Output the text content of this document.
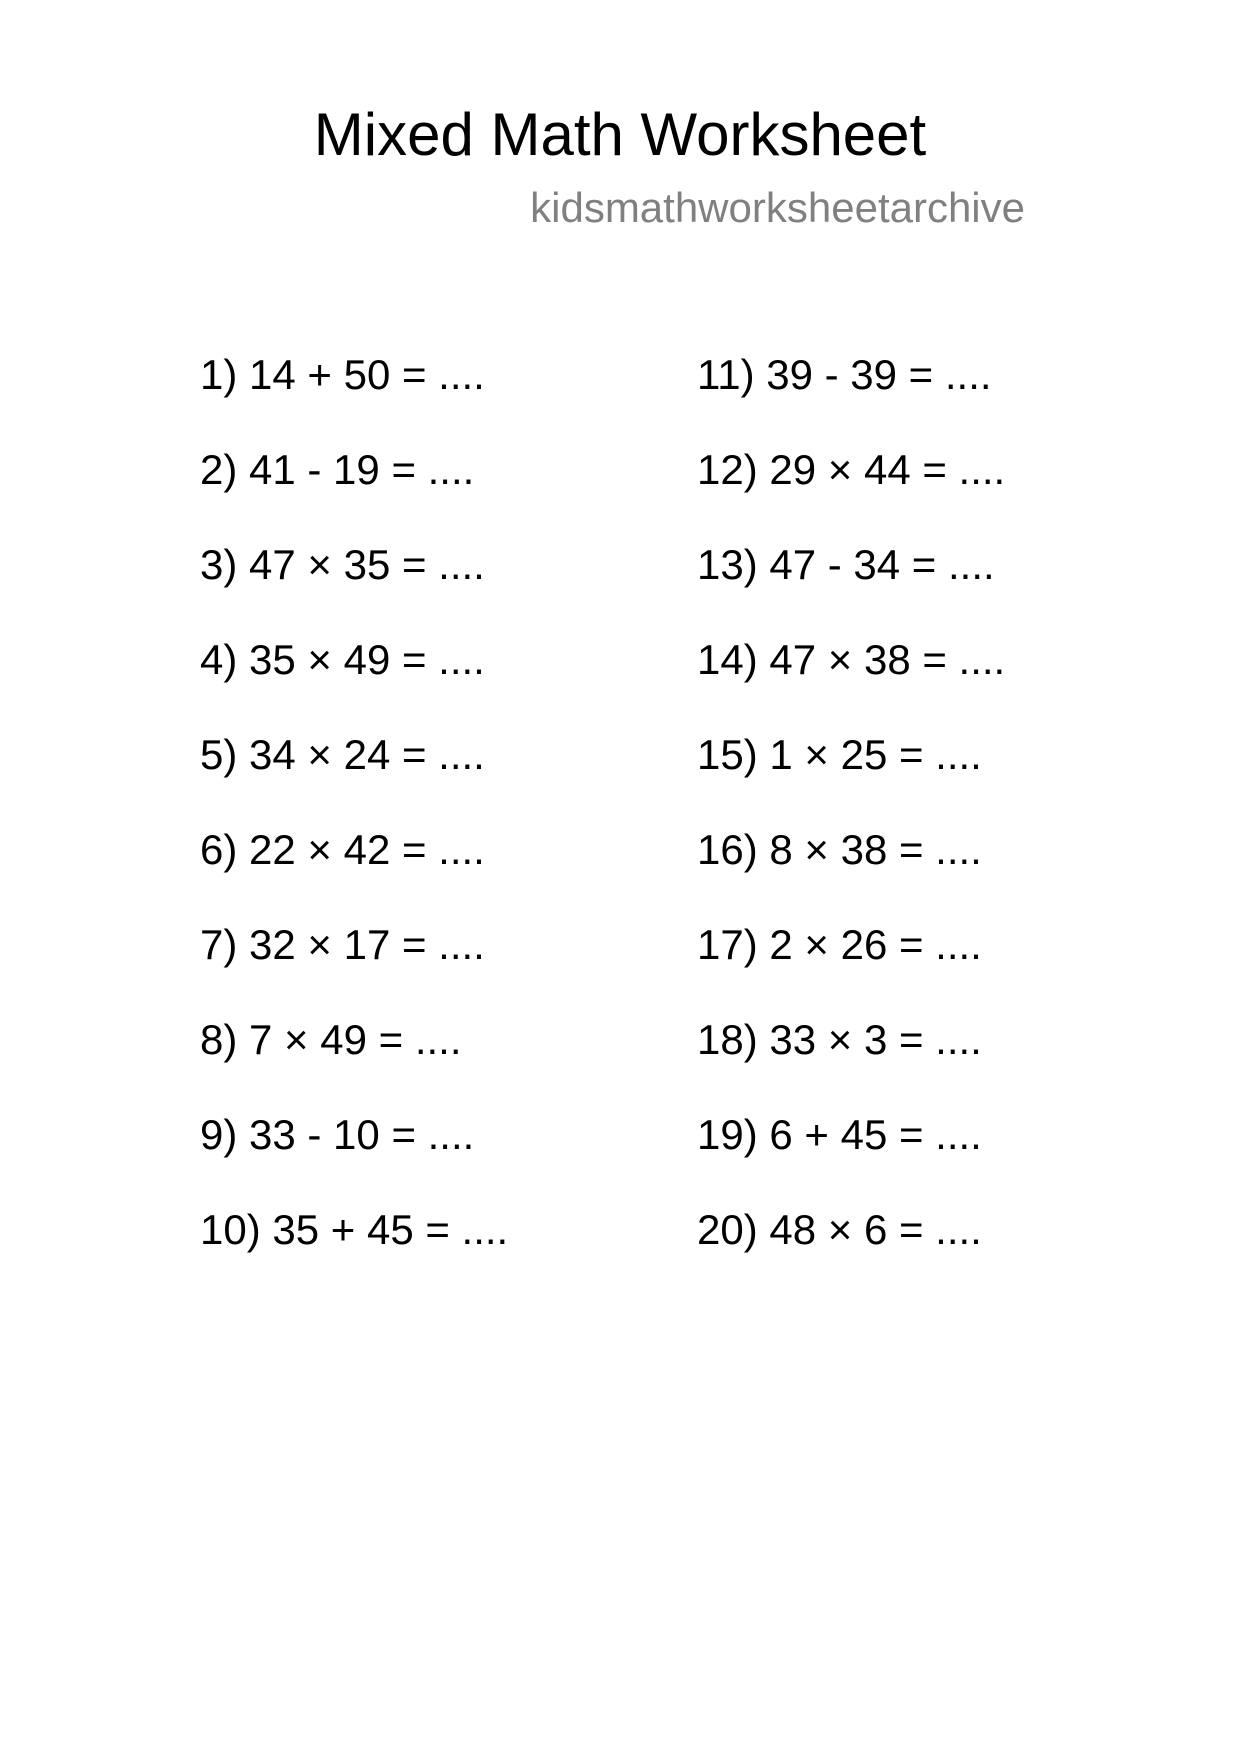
Mixed Math Worksheet
kidsmathworksheetarchive
1) 14 + 50 = ....
2) 41 - 19 = ....
3) 47 × 35 = ....
4) 35 × 49 = ....
5) 34 × 24 = ....
6) 22 × 42 = ....
7) 32 × 17 = ....
8) 7 × 49 = ....
9) 33 - 10 = ....
10) 35 + 45 = ....
11) 39 - 39 = ....
12) 29 × 44 = ....
13) 47 - 34 = ....
14) 47 × 38 = ....
15) 1 × 25 = ....
16) 8 × 38 = ....
17) 2 × 26 = ....
18) 33 × 3 = ....
19) 6 + 45 = ....
20) 48 × 6 = ....
